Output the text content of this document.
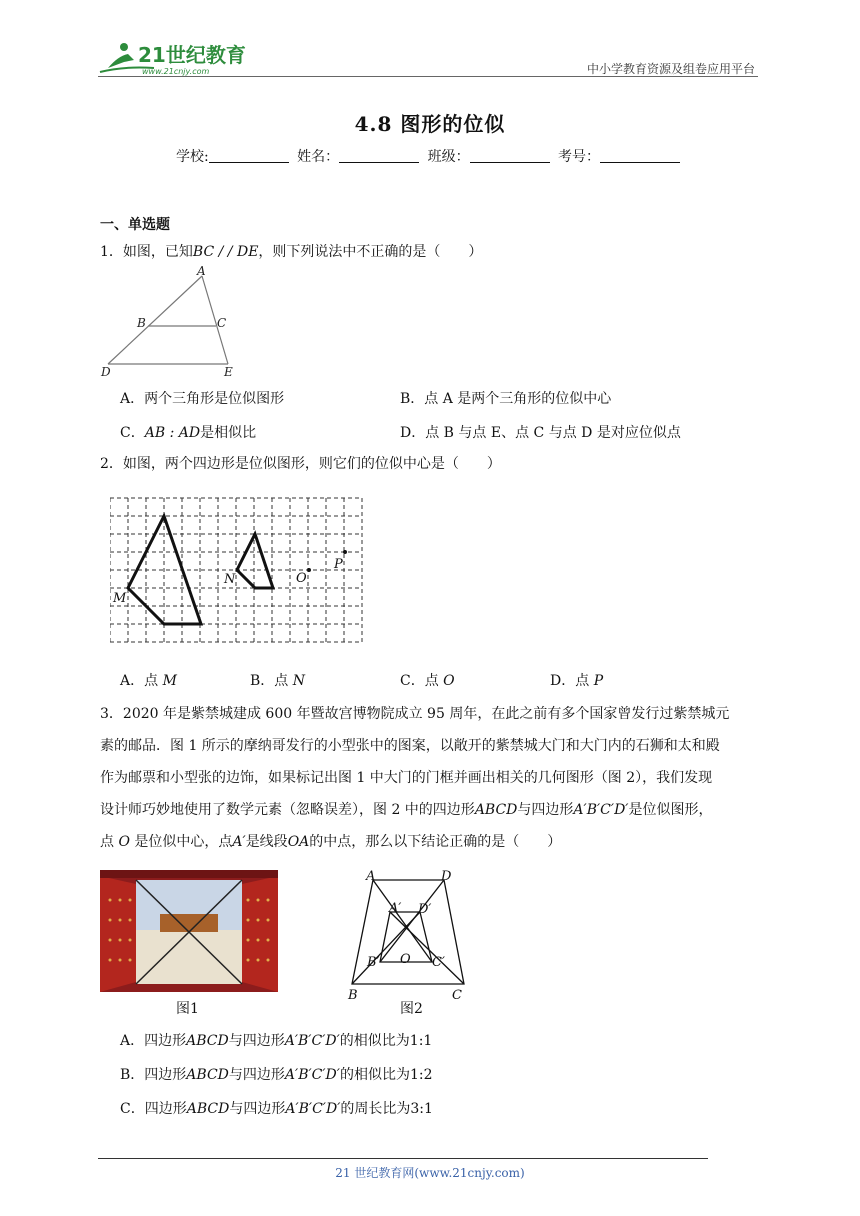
21世纪教育
www.21cnjy.com	中小学教育资源及组卷应用平台
4.8 图形的位似
学校:	姓名：	班级：	考号：
一、单选题
1．如图，已知BC / / DE，则下列说法中不正确的是（　　）
A
B	C
D	E
A．两个三角形是位似图形	B．点 A 是两个三角形的位似中心
C．AB : AD是相似比	D．点 B 与点 E、点 C 与点 D 是对应位似点
2．如图，两个四边形是位似图形，则它们的位似中心是（　　）
M
N	O
P
A．点 M	B．点 N	C．点 O	D．点 P
3．2020 年是紫禁城建成 600 年暨故宫博物院成立 95 周年，在此之前有多个国家曾发行过紫禁城元
素的邮品．图 1 所示的摩纳哥发行的小型张中的图案，以敞开的紫禁城大门和大门内的石狮和太和殿
作为邮票和小型张的边饰，如果标记出图 1 中大门的门框并画出相关的几何图形（图 2），我们发现
设计师巧妙地使用了数学元素（忽略误差），图 2 中的四边形ABCD与四边形A′B′C′D′是位似图形，
点 O 是位似中心，点A′是线段OA的中点，那么以下结论正确的是（　　）
图1
A	D
A′ D′
B′ O C′
B	C
图2
A．四边形ABCD与四边形A′B′C′D′的相似比为1:1
B．四边形ABCD与四边形A′B′C′D′的相似比为1:2
C．四边形ABCD与四边形A′B′C′D′的周长比为3:1
21 世纪教育网(www.21cnjy.com)
